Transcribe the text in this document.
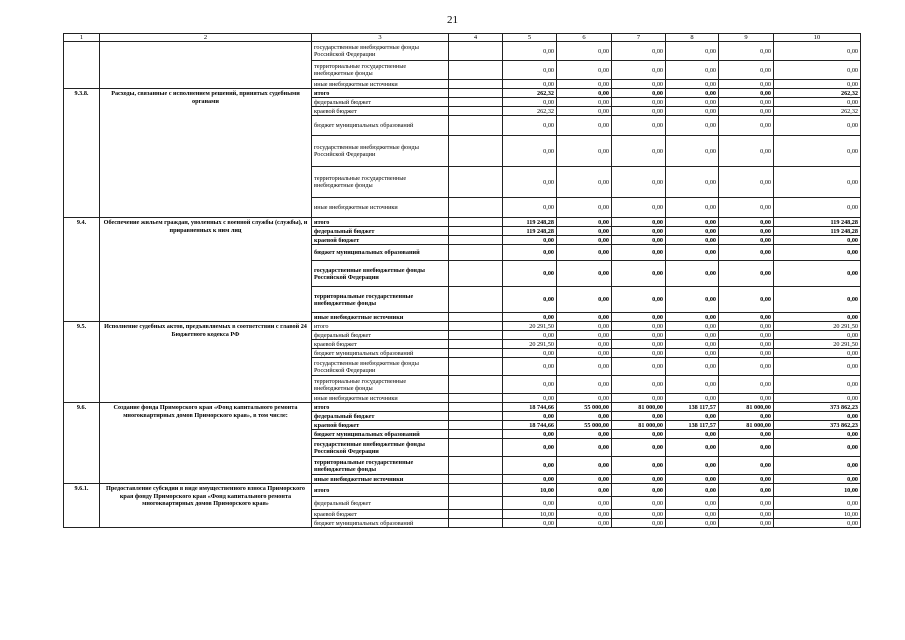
21
1	2	3	4	5	6	7	8	9	10
		государственные внебюджетные фонды Российской Федерации		0,00	0,00	0,00	0,00	0,00	0,00
		территориальные государственные внебюджетные фонды		0,00	0,00	0,00	0,00	0,00	0,00
		иные внебюджетные источники		0,00	0,00	0,00	0,00	0,00	0,00
9.3.8.	Расходы, связанные с исполнением решений, принятых судебными органами	итого		262,32	0,00	0,00	0,00	0,00	262,32
		федеральный бюджет		0,00	0,00	0,00	0,00	0,00	0,00
		краевой бюджет		262,32	0,00	0,00	0,00	0,00	262,32
		бюджет муниципальных образований		0,00	0,00	0,00	0,00	0,00	0,00
		государственные внебюджетные фонды Российской Федерации		0,00	0,00	0,00	0,00	0,00	0,00
		территориальные государственные внебюджетные фонды		0,00	0,00	0,00	0,00	0,00	0,00
		иные внебюджетные источники		0,00	0,00	0,00	0,00	0,00	0,00
9.4.	Обеспечение жильем граждан, уволенных с военной службы (службы), и приравненных к ним лиц	итого		119 248,28	0,00	0,00	0,00	0,00	119 248,28
		федеральный бюджет		119 248,28	0,00	0,00	0,00	0,00	119 248,28
		краевой бюджет		0,00	0,00	0,00	0,00	0,00	0,00
		бюджет муниципальных образований		0,00	0,00	0,00	0,00	0,00	0,00
		государственные внебюджетные фонды Российской Федерации		0,00	0,00	0,00	0,00	0,00	0,00
		территориальные государственные внебюджетные фонды		0,00	0,00	0,00	0,00	0,00	0,00
		иные внебюджетные источники		0,00	0,00	0,00	0,00	0,00	0,00
9.5.	Исполнение судебных актов, предъявляемых в соответствии с главой 24 Бюджетного кодекса РФ	итого		20 291,50	0,00	0,00	0,00	0,00	20 291,50
		федеральный бюджет		0,00	0,00	0,00	0,00	0,00	0,00
		краевой бюджет		20 291,50	0,00	0,00	0,00	0,00	20 291,50
		бюджет муниципальных образований		0,00	0,00	0,00	0,00	0,00	0,00
		государственные внебюджетные фонды Российской Федерации		0,00	0,00	0,00	0,00	0,00	0,00
		территориальные государственные внебюджетные фонды		0,00	0,00	0,00	0,00	0,00	0,00
		иные внебюджетные источники		0,00	0,00	0,00	0,00	0,00	0,00
9.6.	Создание фонда Приморского края «Фонд капитального ремонта многоквартирных домов Приморского края», в том числе:	итого		18 744,66	55 000,00	81 000,00	138 117,57	81 000,00	373 862,23
		федеральный бюджет		0,00	0,00	0,00	0,00	0,00	0,00
		краевой бюджет		18 744,66	55 000,00	81 000,00	138 117,57	81 000,00	373 862,23
		бюджет муниципальных образований		0,00	0,00	0,00	0,00	0,00	0,00
		государственные внебюджетные фонды Российской Федерации		0,00	0,00	0,00	0,00	0,00	0,00
		территориальные государственные внебюджетные фонды		0,00	0,00	0,00	0,00	0,00	0,00
		иные внебюджетные источники		0,00	0,00	0,00	0,00	0,00	0,00
9.6.1.	Предоставление субсидии в виде имущественного взноса Приморского края фонду Приморского края «Фонд капитального ремонта многоквартирных домов Приморского края»	итого		10,00	0,00	0,00	0,00	0,00	10,00
		федеральный бюджет		0,00	0,00	0,00	0,00	0,00	0,00
		краевой бюджет		10,00	0,00	0,00	0,00	0,00	10,00
		бюджет муниципальных образований		0,00	0,00	0,00	0,00	0,00	0,00
